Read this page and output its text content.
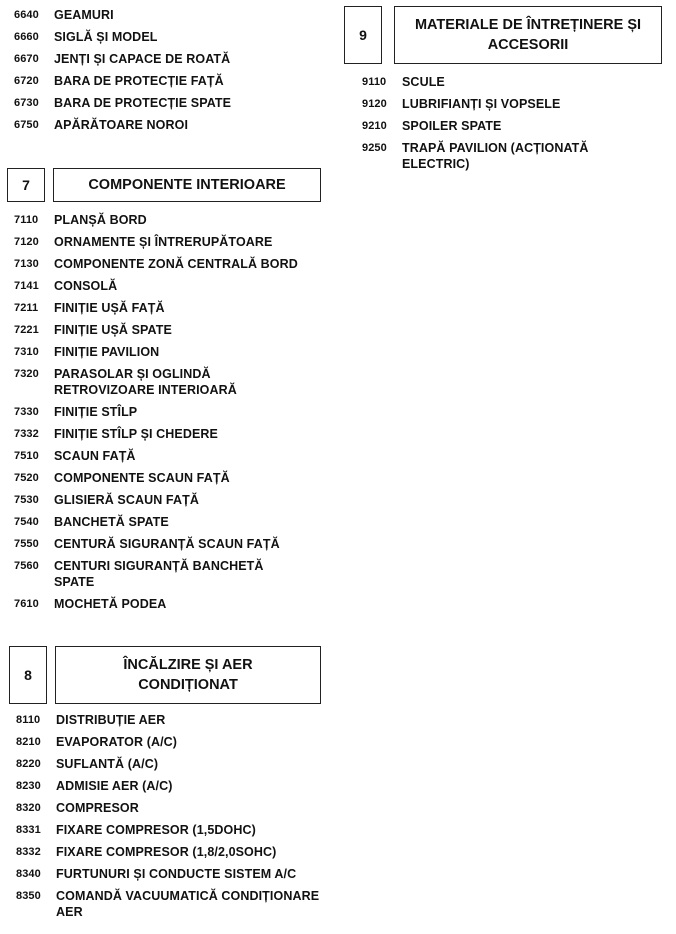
6640	GEAMURI
6660	SIGLĂ ȘI MODEL
6670	JENȚI ȘI CAPACE DE ROATĂ
6720	BARA DE PROTECȚIE FAȚĂ
6730	BARA DE PROTECȚIE SPATE
6750	APĂRĂTOARE NOROI
7	COMPONENTE INTERIOARE
7110	PLANȘĂ BORD
7120	ORNAMENTE ȘI ÎNTRERUPĂTOARE
7130	COMPONENTE ZONĂ CENTRALĂ BORD
7141	CONSOLĂ
7211	FINIȚIE UȘĂ FAȚĂ
7221	FINIȚIE UȘĂ SPATE
7310	FINIȚIE PAVILION
7320	PARASOLAR ȘI OGLINDĂ RETROVIZOARE INTERIOARĂ
7330	FINIȚIE STÎLP
7332	FINIȚIE STÎLP ȘI CHEDERE
7510	SCAUN FAȚĂ
7520	COMPONENTE SCAUN FAȚĂ
7530	GLISIERĂ SCAUN FAȚĂ
7540	BANCHETĂ SPATE
7550	CENTURĂ SIGURANȚĂ SCAUN FAȚĂ
7560	CENTURI SIGURANȚĂ BANCHETĂ SPATE
7610	MOCHETĂ PODEA
8
ÎNCĂLZIRE ȘI AER CONDIȚIONAT
8110	DISTRIBUȚIE AER
8210	EVAPORATOR (A/C)
8220	SUFLANTĂ (A/C)
8230	ADMISIE AER (A/C)
8320	COMPRESOR
8331	FIXARE COMPRESOR (1,5DOHC)
8332	FIXARE COMPRESOR (1,8/2,0SOHC)
8340	FURTUNURI ȘI CONDUCTE SISTEM A/C
8350	COMANDĂ VACUUMATICĂ CONDIȚIONARE AER
9
MATERIALE DE ÎNTREȚINERE ȘI ACCESORII
9110	SCULE
9120	LUBRIFIANȚI ȘI VOPSELE
9210	SPOILER SPATE
9250	TRAPĂ PAVILION (ACȚIONATĂ ELECTRIC)
